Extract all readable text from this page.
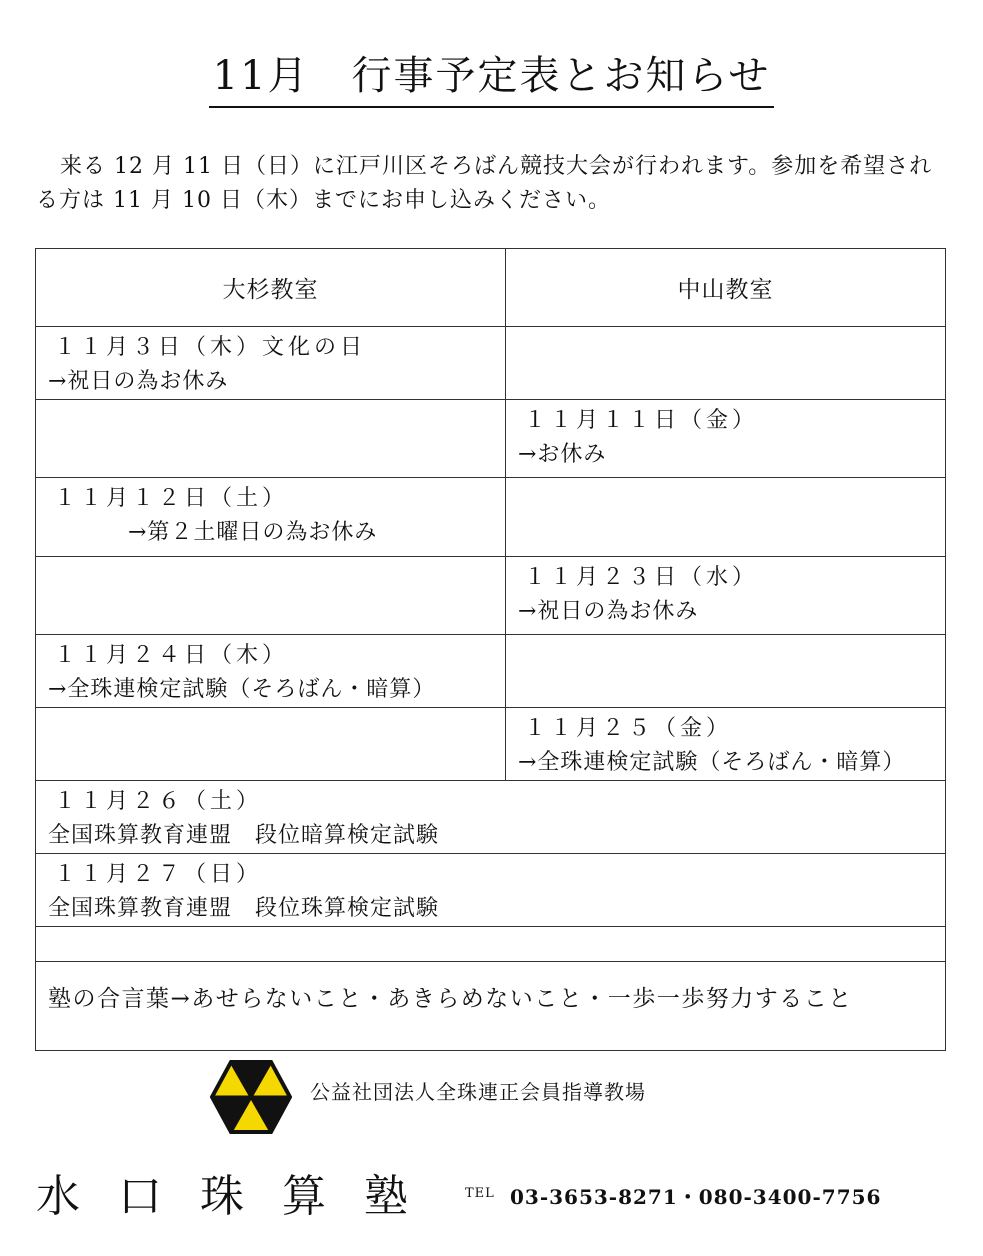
11月　行事予定表とお知らせ
来る 12 月 11 日（日）に江戸川区そろばん競技大会が行われます。参加を希望される方は 11 月 10 日（木）までにお申し込みください。
大杉教室	中山教室

１１月３日（木）文化の日
→祝日の為お休み	

	１１月１１日（金）
→お休み

１１月１２日（土）
→第２土曜日の為お休み	

	１１月２３日（水）
→祝日の為お休み

１１月２４日（木）
→全珠連検定試験（そろばん・暗算）	

	１１月２５（金）
→全珠連検定試験（そろばん・暗算）

１１月２６（土）
全国珠算教育連盟　段位暗算検定試験	

１１月２７（日）
全国珠算教育連盟　段位珠算検定試験	

塾の合言葉→あせらないこと・あきらめないこと・一歩一歩努力すること	
公益社団法人全珠連正会員指導教場
水口珠算塾 TEL 03-3653-8271・080-3400-7756
